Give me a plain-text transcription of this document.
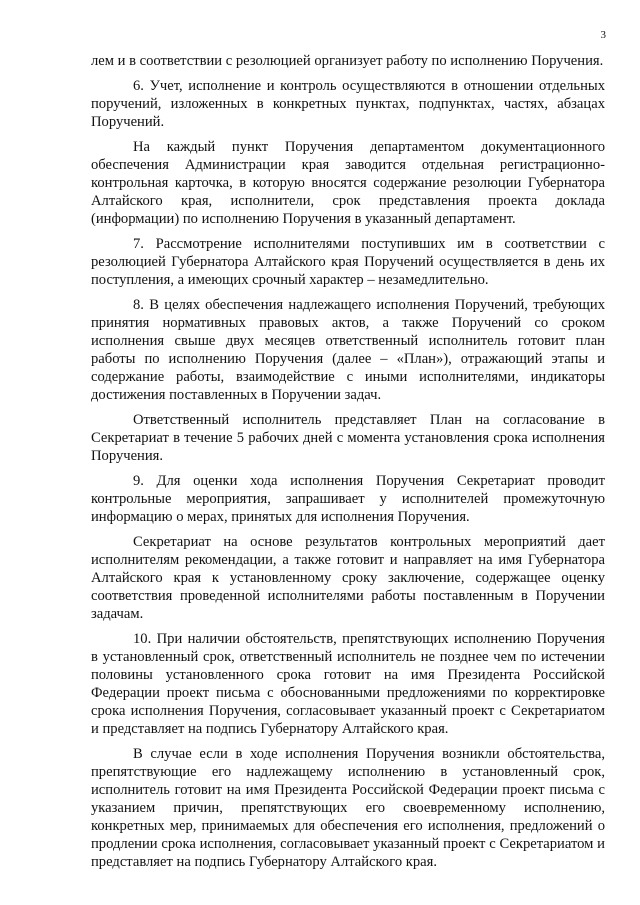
3

лем и в соответствии с резолюцией организует работу по исполнению Поручения.

6. Учет, исполнение и контроль осуществляются в отношении отдельных поручений, изложенных в конкретных пунктах, подпунктах, частях, абзацах Поручений.

На каждый пункт Поручения департаментом документационного обеспечения Администрации края заводится отдельная регистрационно-контрольная карточка, в которую вносятся содержание резолюции Губернатора Алтайского края, исполнители, срок представления проекта доклада (информации) по исполнению Поручения в указанный департамент.

7. Рассмотрение исполнителями поступивших им в соответствии с резолюцией Губернатора Алтайского края Поручений осуществляется в день их поступления, а имеющих срочный характер – незамедлительно.

8. В целях обеспечения надлежащего исполнения Поручений, требующих принятия нормативных правовых актов, а также Поручений со сроком исполнения свыше двух месяцев ответственный исполнитель готовит план работы по исполнению Поручения (далее – «План»), отражающий этапы и содержание работы, взаимодействие с иными исполнителями, индикаторы достижения поставленных в Поручении задач.

Ответственный исполнитель представляет План на согласование в Секретариат в течение 5 рабочих дней с момента установления срока исполнения Поручения.

9. Для оценки хода исполнения Поручения Секретариат проводит контрольные мероприятия, запрашивает у исполнителей промежуточную информацию о мерах, принятых для исполнения Поручения.

Секретариат на основе результатов контрольных мероприятий дает исполнителям рекомендации, а также готовит и направляет на имя Губернатора Алтайского края к установленному сроку заключение, содержащее оценку соответствия проведенной исполнителями работы поставленным в Поручении задачам.

10. При наличии обстоятельств, препятствующих исполнению Поручения в установленный срок, ответственный исполнитель не позднее чем по истечении половины установленного срока готовит на имя Президента Российской Федерации проект письма с обоснованными предложениями по корректировке срока исполнения Поручения, согласовывает указанный проект с Секретариатом и представляет на подпись Губернатору Алтайского края.

В случае если в ходе исполнения Поручения возникли обстоятельства, препятствующие его надлежащему исполнению в установленный срок, исполнитель готовит на имя Президента Российской Федерации проект письма с указанием причин, препятствующих его своевременному исполнению, конкретных мер, принимаемых для обеспечения его исполнения, предложений о продлении срока исполнения, согласовывает указанный проект с Секретариатом и представляет на подпись Губернатору Алтайского края.
